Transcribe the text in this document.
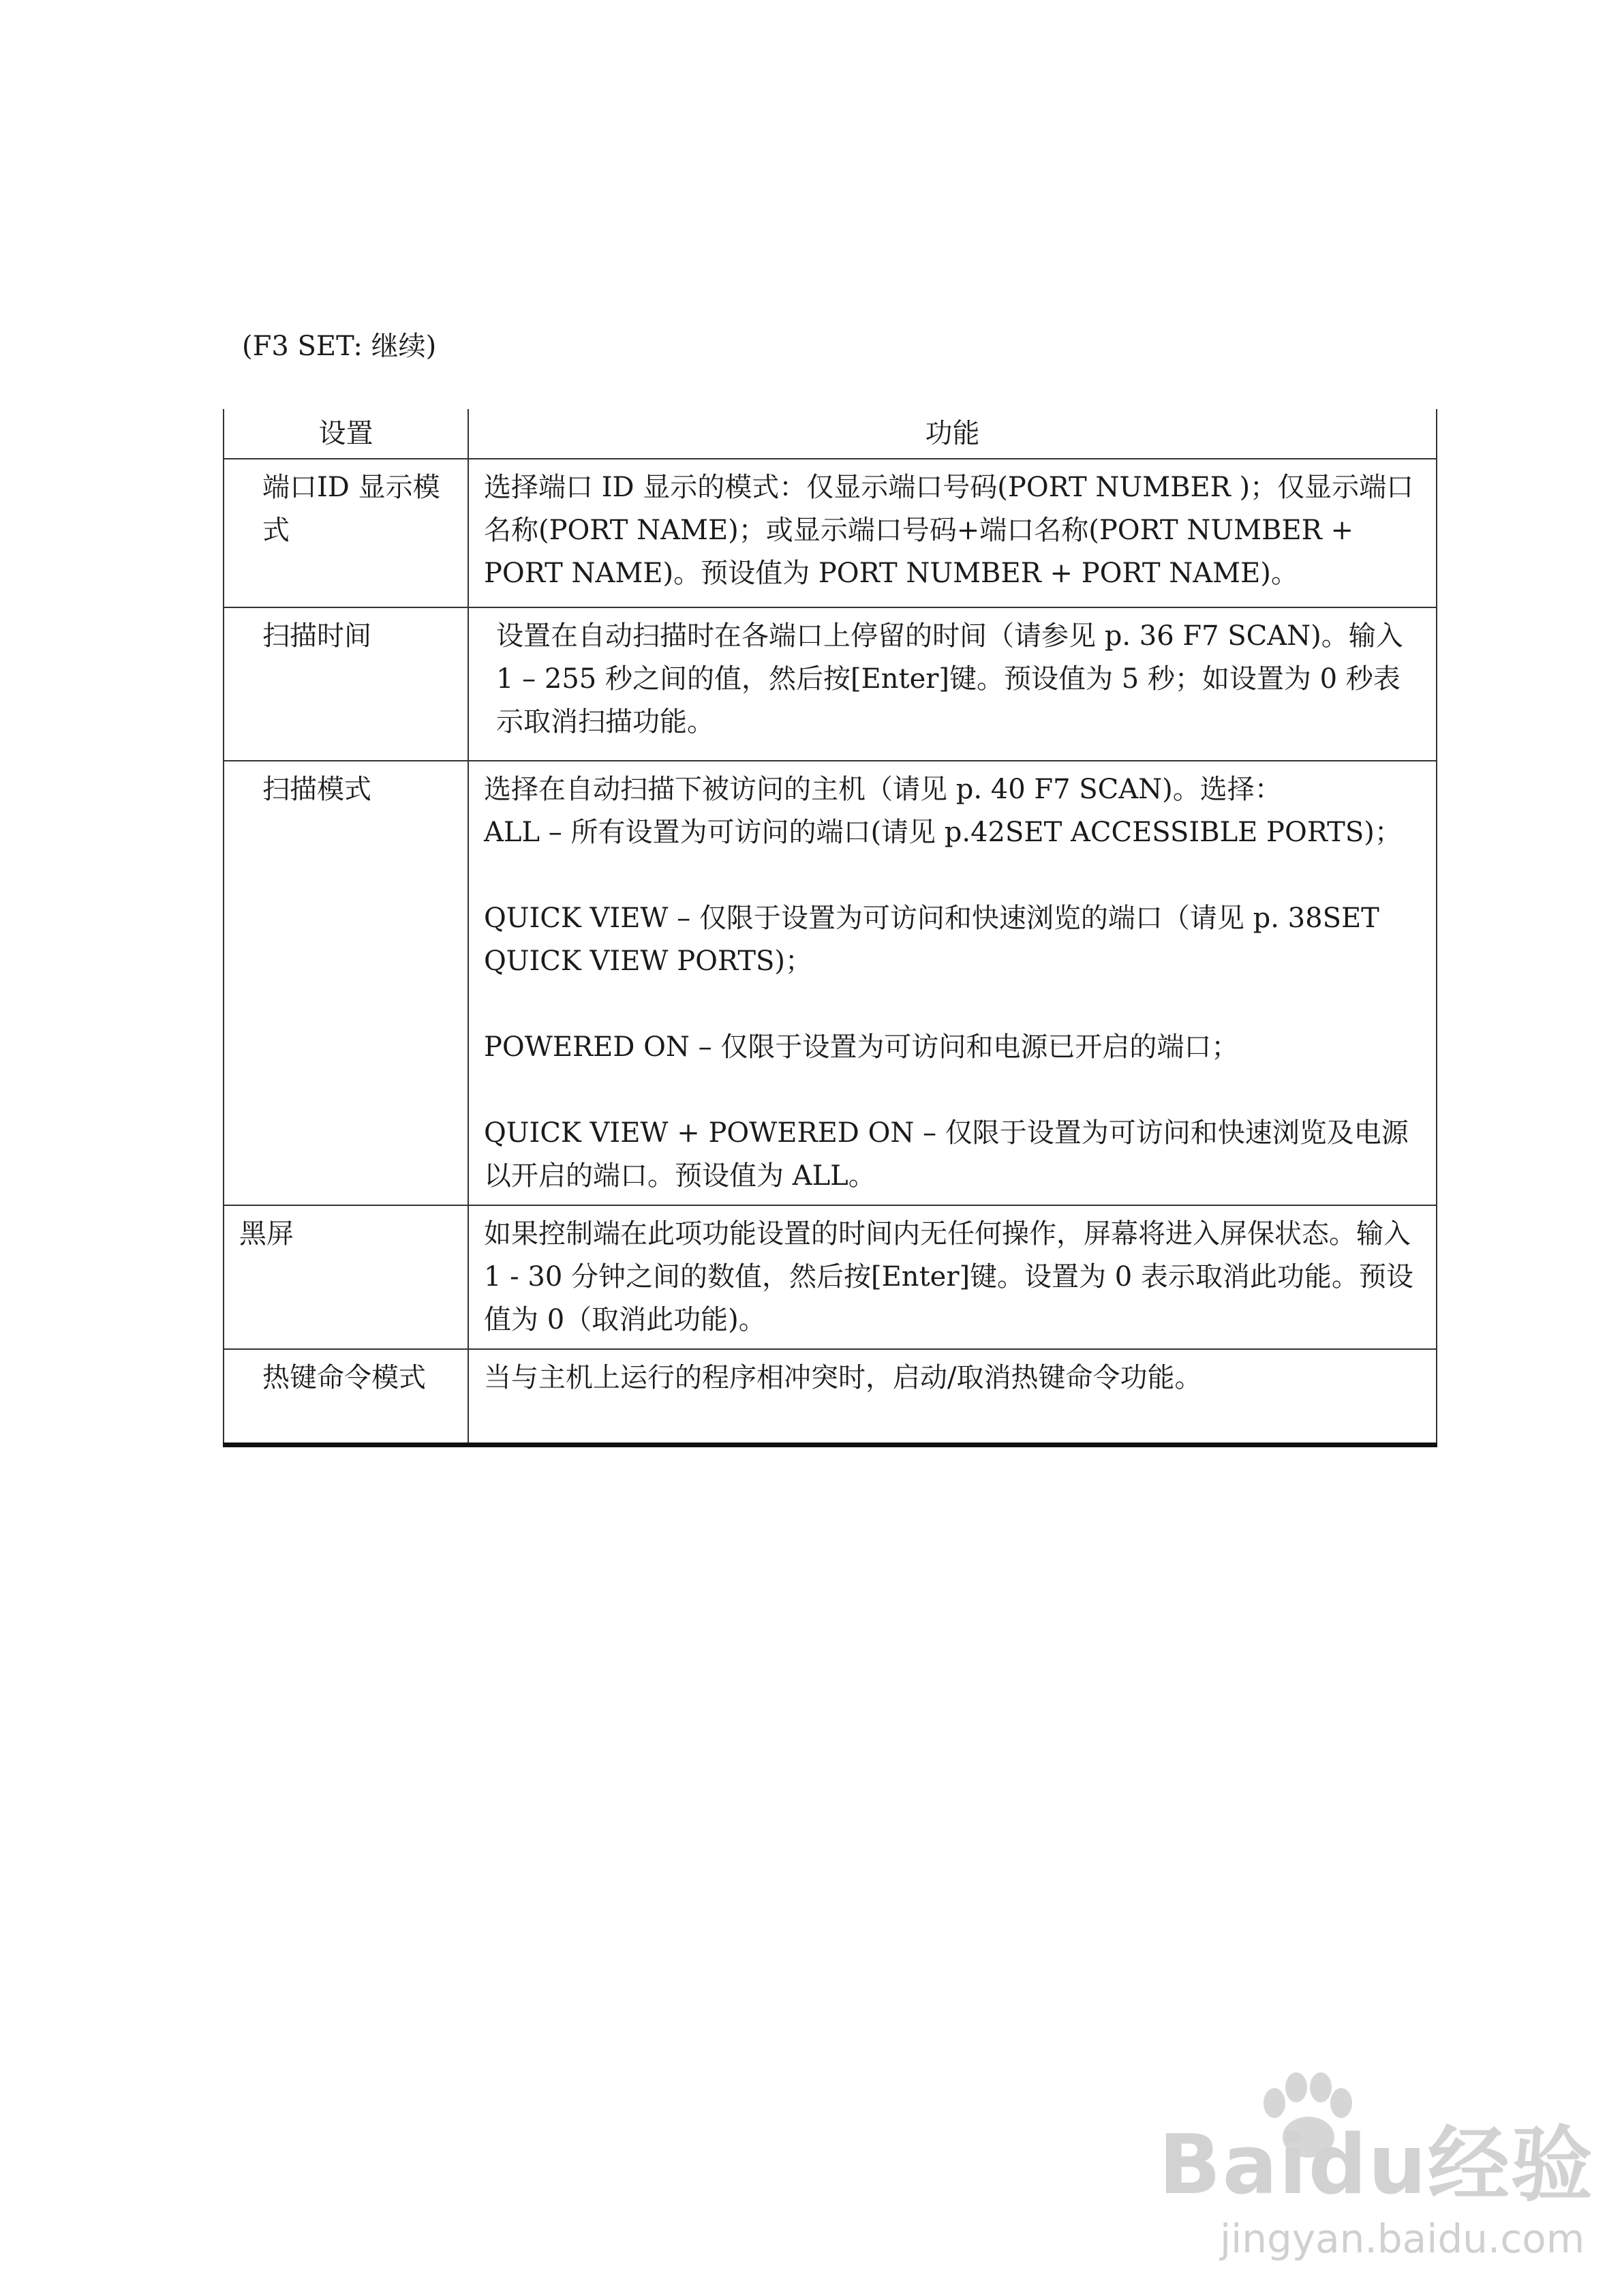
(F3 SET: 继续)
设置	功能
端口ID 显示模式	选择端口 ID 显示的模式：仅显示端口号码(PORT NUMBER )；仅显示端口名称(PORT NAME)；或显示端口号码+端口名称(PORT NUMBER + PORT NAME)。预设值为 PORT NUMBER + PORT NAME)。

扫描时间	设置在自动扫描时在各端口上停留的时间（请参见 p. 36 F7 SCAN)。输入 1 – 255 秒之间的值，然后按[Enter]键。预设值为 5 秒；如设置为 0 秒表示取消扫描功能。

扫描模式	选择在自动扫描下被访问的主机（请见 p. 40 F7 SCAN)。选择：
ALL – 所有设置为可访问的端口(请见 p.42SET ACCESSIBLE PORTS)；
QUICK VIEW – 仅限于设置为可访问和快速浏览的端口（请见 p. 38SET QUICK VIEW PORTS)；
POWERED ON – 仅限于设置为可访问和电源已开启的端口；
QUICK VIEW + POWERED ON – 仅限于设置为可访问和快速浏览及电源以开启的端口。预设值为 ALL。

黑屏	如果控制端在此项功能设置的时间内无任何操作，屏幕将进入屏保状态。输入 1 - 30 分钟之间的数值，然后按[Enter]键。设置为 0 表示取消此功能。预设值为 0（取消此功能)。

热键命令模式	当与主机上运行的程序相冲突时，启动/取消热键命令功能。
Baidu经验
jingyan.baidu.com
